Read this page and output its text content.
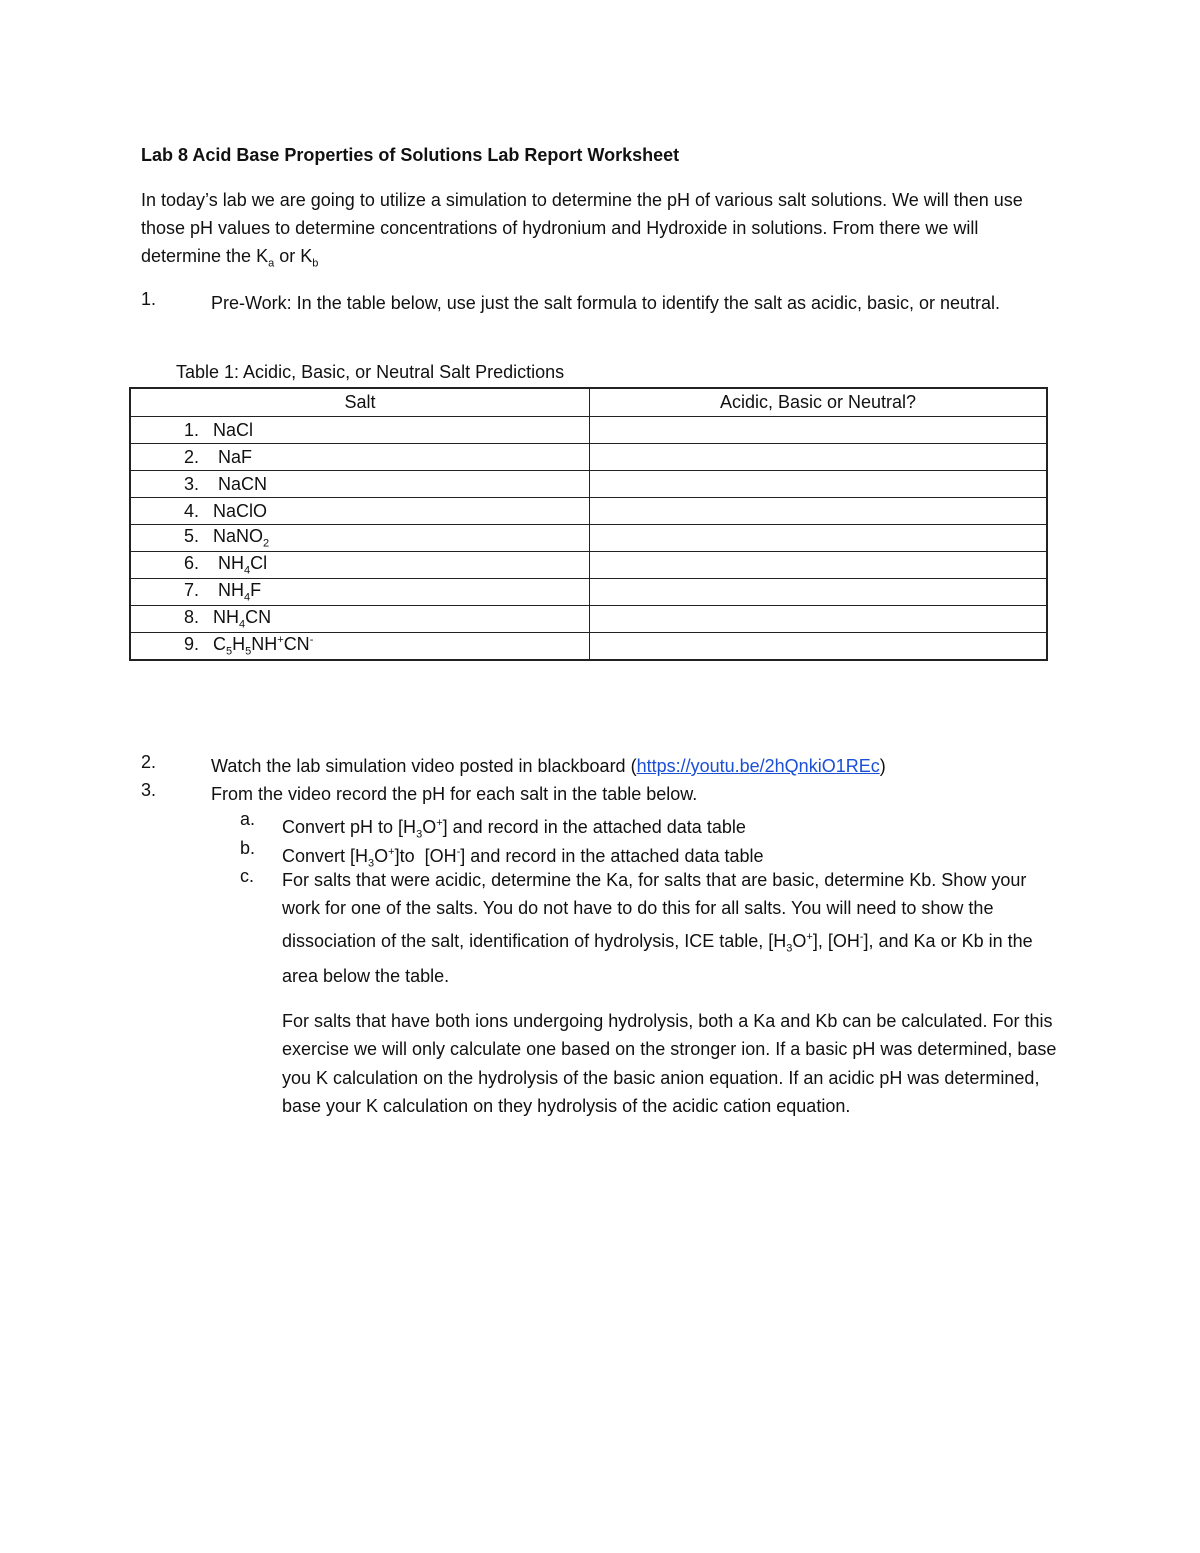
Lab 8 Acid Base Properties of Solutions Lab Report Worksheet
In today’s lab we are going to utilize a simulation to determine the pH of various salt solutions. We will then use those pH values to determine concentrations of hydronium and Hydroxide in solutions. From there we will determine the $K_a$ or $K_b$
1.	Pre-Work: In the table below, use just the salt formula to identify the salt as acidic, basic, or neutral.
Table 1: Acidic, Basic, or Neutral Salt Predictions
Salt	Acidic, Basic or Neutral?
1. NaCl	
2. NaF	
3. NaCN	
4. NaClO	
5. NaNO$_2$	
6. $NH_4Cl$	
7. $NH_4F$	
8. $NH_4CN$	
9. $C_5H_5NH^+CN^-$	
2.	Watch the lab simulation video posted in blackboard (https://youtu.be/2hQnkiO1REc)
3.	From the video record the pH for each salt in the table below.
a. Convert pH to $[H_3O^+]$ and record in the attached data table
b. Convert $[H_3O^+]to$  [OH-] and record in the attached data table
c. For salts that were acidic, determine the Ka, for salts that are basic, determine Kb. Show your work for one of the salts. You do not have to do this for all salts. You will need to show the dissociation of the salt, identification of hydrolysis, ICE table, $[H_3O^+]$, [OH-], and Ka or Kb in the area below the table.
For salts that have both ions undergoing hydrolysis, both a Ka and Kb can be calculated. For this exercise we will only calculate one based on the stronger ion. If a basic pH was determined, base you K calculation on the hydrolysis of the basic anion equation. If an acidic pH was determined, base your K calculation on they hydrolysis of the acidic cation equation.
